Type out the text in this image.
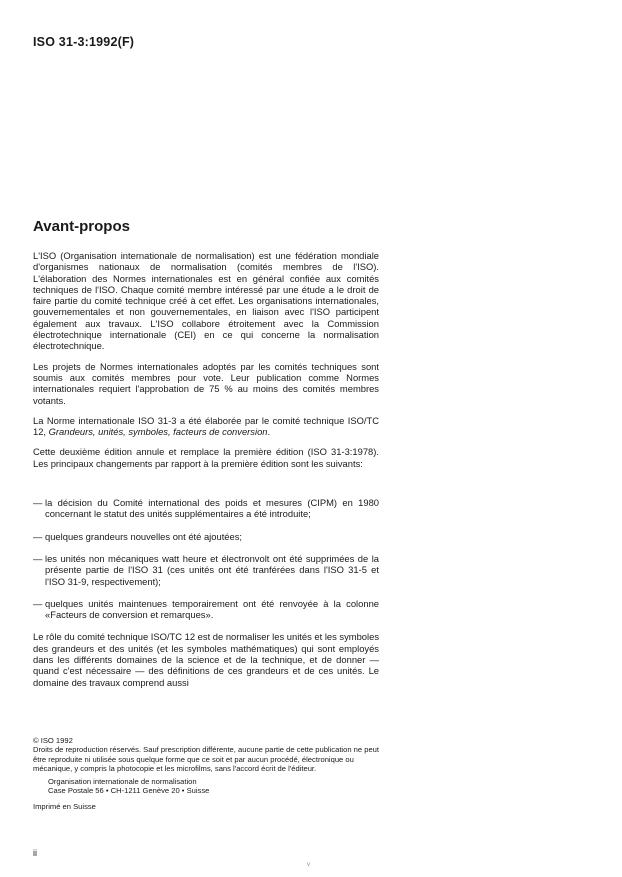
ISO 31-3:1992(F)
Avant-propos

L'ISO (Organisation internationale de normalisation) est une fédération mondiale d'organismes nationaux de normalisation (comités membres de l'ISO). L'élaboration des Normes internationales est en général confiée aux comités techniques de l'ISO. Chaque comité membre intéressé par une étude a le droit de faire partie du comité technique créé à cet effet. Les organisations internationales, gouvernementales et non gouvernementales, en liaison avec l'ISO participent également aux travaux. L'ISO collabore étroitement avec la Commission électrotechnique internationale (CEI) en ce qui concerne la normalisation électrotechnique.

Les projets de Normes internationales adoptés par les comités techniques sont soumis aux comités membres pour vote. Leur publication comme Normes internationales requiert l'approbation de 75 % au moins des comités membres votants.

La Norme internationale ISO 31-3 a été élaborée par le comité technique ISO/TC 12, Grandeurs, unités, symboles, facteurs de conversion.

Cette deuxième édition annule et remplace la première édition (ISO 31-3:1978). Les principaux changements par rapport à la première édition sont les suivants:

— la décision du Comité international des poids et mesures (CIPM) en 1980 concernant le statut des unités supplémentaires a été introduite;
— quelques grandeurs nouvelles ont été ajoutées;
— les unités non mécaniques watt heure et électronvolt ont été supprimées de la présente partie de l'ISO 31 (ces unités ont été tranférées dans l'ISO 31-5 et l'ISO 31-9, respectivement);
— quelques unités maintenues temporairement ont été renvoyée à la colonne «Facteurs de conversion et remarques».

Le rôle du comité technique ISO/TC 12 est de normaliser les unités et les symboles des grandeurs et des unités (et les symboles mathématiques) qui sont employés dans les différents domaines de la science et de la technique, et de donner — quand c'est nécessaire — des définitions de ces grandeurs et de ces unités. Le domaine des travaux comprend aussi

© ISO 1992
Droits de reproduction réservés. Sauf prescription différente, aucune partie de cette publication ne peut être reproduite ni utilisée sous quelque forme que ce soit et par aucun procédé, électronique ou mécanique, y compris la photocopie et les microfilms, sans l'accord écrit de l'éditeur.
Organisation internationale de normalisation
Case Postale 56 • CH-1211 Genève 20 • Suisse
Imprimé en Suisse
ii
v
